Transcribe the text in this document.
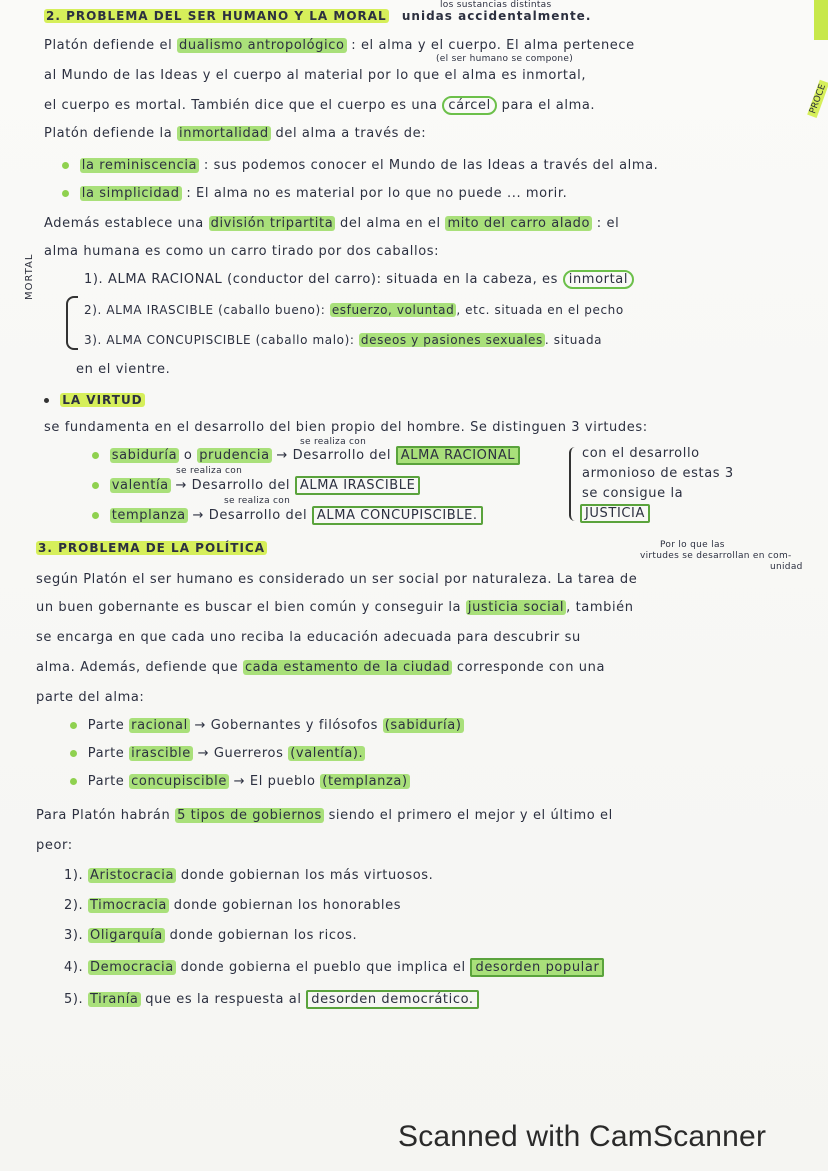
PROCE
los sustancias distintas
2. PROBLEMA DEL SER HUMANO Y LA MORAL unidas accidentalmente.
Platón defiende el dualismo antropológico : el alma y el cuerpo. El alma pertenece
(el ser humano se compone)
al Mundo de las Ideas y el cuerpo al material por lo que el alma es inmortal,
el cuerpo es mortal. También dice que el cuerpo es una cárcel para el alma.
Platón defiende la inmortalidad del alma a través de:
la reminiscencia : sus podemos conocer el Mundo de las Ideas a través del alma.
la simplicidad : El alma no es material por lo que no puede ... morir.
Además establece una división tripartita del alma en el mito del carro alado : el
alma humana es como un carro tirado por dos caballos:
1). ALMA RACIONAL (conductor del carro): situada en la cabeza, es inmortal
MORTAL
2). ALMA IRASCIBLE (caballo bueno): esfuerzo, voluntad , etc. situada en el pecho
3). ALMA CONCUPISCIBLE (caballo malo): deseos y pasiones sexuales . situada
en el vientre.
LA VIRTUD
se fundamenta en el desarrollo del bien propio del hombre. Se distinguen 3 virtudes:
se realiza con
sabiduría o prudencia → Desarrollo del ALMA RACIONAL
se realiza con
valentía → Desarrollo del ALMA IRASCIBLE
se realiza con
templanza → Desarrollo del ALMA CONCUPISCIBLE.
con el desarrollo
armonioso de estas 3
se consigue la
JUSTICIA
3. PROBLEMA DE LA POLÍTICA	Por lo que las
virtudes se desarrollan en com-
unidad
según Platón el ser humano es considerado un ser social por naturaleza. La tarea de
un buen gobernante es buscar el bien común y conseguir la justicia social , también
se encarga en que cada uno reciba la educación adecuada para descubrir su
alma. Además, defiende que cada estamento de la ciudad corresponde con una
parte del alma:
Parte racional → Gobernantes y filósofos (sabiduría)
Parte irascible → Guerreros (valentía).
Parte concupiscible → El pueblo (templanza)
Para Platón habrán 5 tipos de gobiernos siendo el primero el mejor y el último el
peor:
1). Aristocracia donde gobiernan los más virtuosos.
2). Timocracia donde gobiernan los honorables
3). Oligarquía donde gobiernan los ricos.
4). Democracia donde gobierna el pueblo que implica el desorden popular
5). Tiranía que es la respuesta al desorden democrático.
Scanned with CamScanner
